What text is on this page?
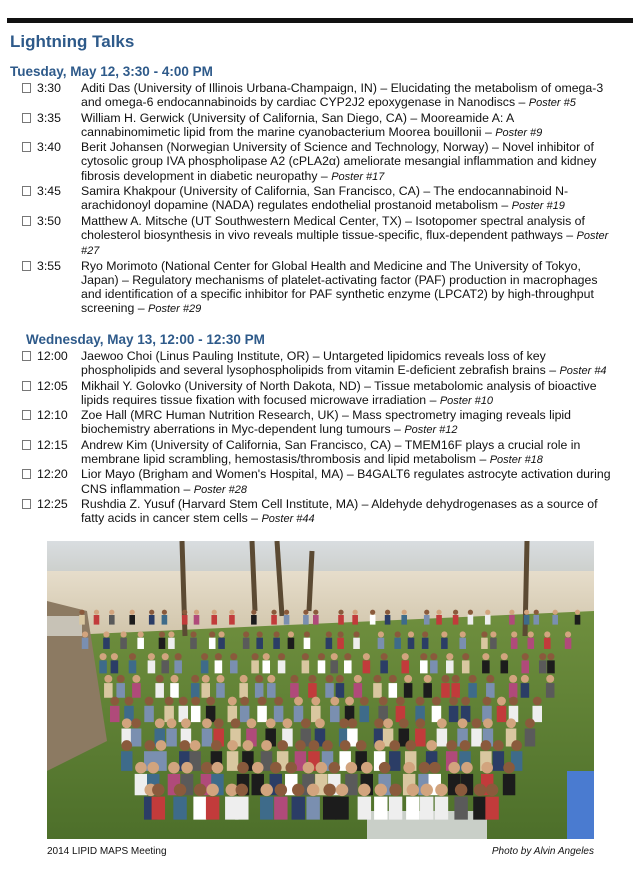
Lightning Talks
Tuesday, May 12, 3:30 - 4:00 PM
3:30	Aditi Das (University of Illinois Urbana-Champaign, IN) – Elucidating the metabolism of omega-3 and omega-6 endocannabinoids by cardiac CYP2J2 epoxygenase in Nanodiscs – Poster #5
3:35	William H. Gerwick (University of California, San Diego, CA) – Mooreamide A: A cannabinomimetic lipid from the marine cyanobacterium Moorea bouillonii – Poster #9
3:40	Berit Johansen (Norwegian University of Science and Technology, Norway) – Novel inhibitor of cytosolic group IVA phospholipase A2 (cPLA2α) ameliorate mesangial inflammation and kidney fibrosis development in diabetic neuropathy – Poster #17
3:45	Samira Khakpour (University of California, San Francisco, CA) – The endocannabinoid N-arachidonoyl dopamine (NADA) regulates endothelial prostanoid metabolism – Poster #19
3:50	Matthew A. Mitsche (UT Southwestern Medical Center, TX) – Isotopomer spectral analysis of cholesterol biosynthesis in vivo reveals multiple tissue-specific, flux-dependent pathways – Poster #27
3:55	Ryo Morimoto (National Center for Global Health and Medicine and The University of Tokyo, Japan) – Regulatory mechanisms of platelet-activating factor (PAF) production in macrophages and identification of a specific inhibitor for PAF synthetic enzyme (LPCAT2) by high-throughput screening – Poster #29
Wednesday, May 13, 12:00 - 12:30 PM
12:00	Jaewoo Choi (Linus Pauling Institute, OR) – Untargeted lipidomics reveals loss of key phospholipids and several lysophospholipids from vitamin E-deficient zebrafish brains – Poster #4
12:05	Mikhail Y. Golovko (University of North Dakota, ND) – Tissue metabolomic analysis of bioactive lipids requires tissue fixation with focused microwave irradiation – Poster #10
12:10	Zoe Hall (MRC Human Nutrition Research, UK) – Mass spectrometry imaging reveals lipid biochemistry aberrations in Myc-dependent lung tumours – Poster #12
12:15	Andrew Kim (University of California, San Francisco, CA) – TMEM16F plays a crucial role in membrane lipid scrambling, hemostasis/thrombosis and lipid metabolism – Poster #18
12:20	Lior Mayo (Brigham and Women's Hospital, MA) – B4GALT6 regulates astrocyte activation during CNS inflammation – Poster #28
12:25	Rushdia Z. Yusuf (Harvard Stem Cell Institute, MA) – Aldehyde dehydrogenases as a source of fatty acids in cancer stem cells – Poster #44
2014 LIPID MAPS Meeting	Photo by Alvin Angeles
